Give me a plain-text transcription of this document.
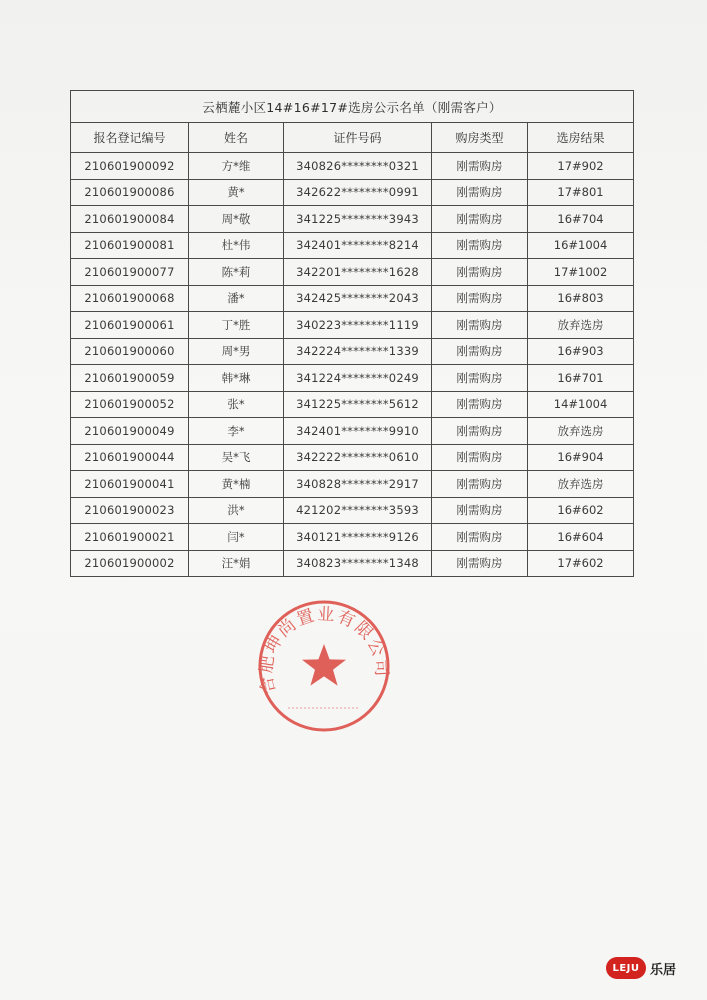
云栖麓小区14#16#17#选房公示名单（刚需客户）				
报名登记编号	姓名	证件号码	购房类型	选房结果
210601900092	方*维	340826********0321	刚需购房	17#902
210601900086	黄*	342622********0991	刚需购房	17#801
210601900084	周*敬	341225********3943	刚需购房	16#704
210601900081	杜*伟	342401********8214	刚需购房	16#1004
210601900077	陈*莉	342201********1628	刚需购房	17#1002
210601900068	潘*	342425********2043	刚需购房	16#803
210601900061	丁*胜	340223********1119	刚需购房	放弃选房
210601900060	周*男	342224********1339	刚需购房	16#903
210601900059	韩*琳	341224********0249	刚需购房	16#701
210601900052	张*	341225********5612	刚需购房	14#1004
210601900049	李*	342401********9910	刚需购房	放弃选房
210601900044	吴*飞	342222********0610	刚需购房	16#904
210601900041	黄*楠	340828********2917	刚需购房	放弃选房
210601900023	洪*	421202********3593	刚需购房	16#602
210601900021	闫*	340121********9126	刚需购房	16#604
210601900002	汪*娟	340823********1348	刚需购房	17#602
合肥坤尚置业有限公司
LEJU 乐居
